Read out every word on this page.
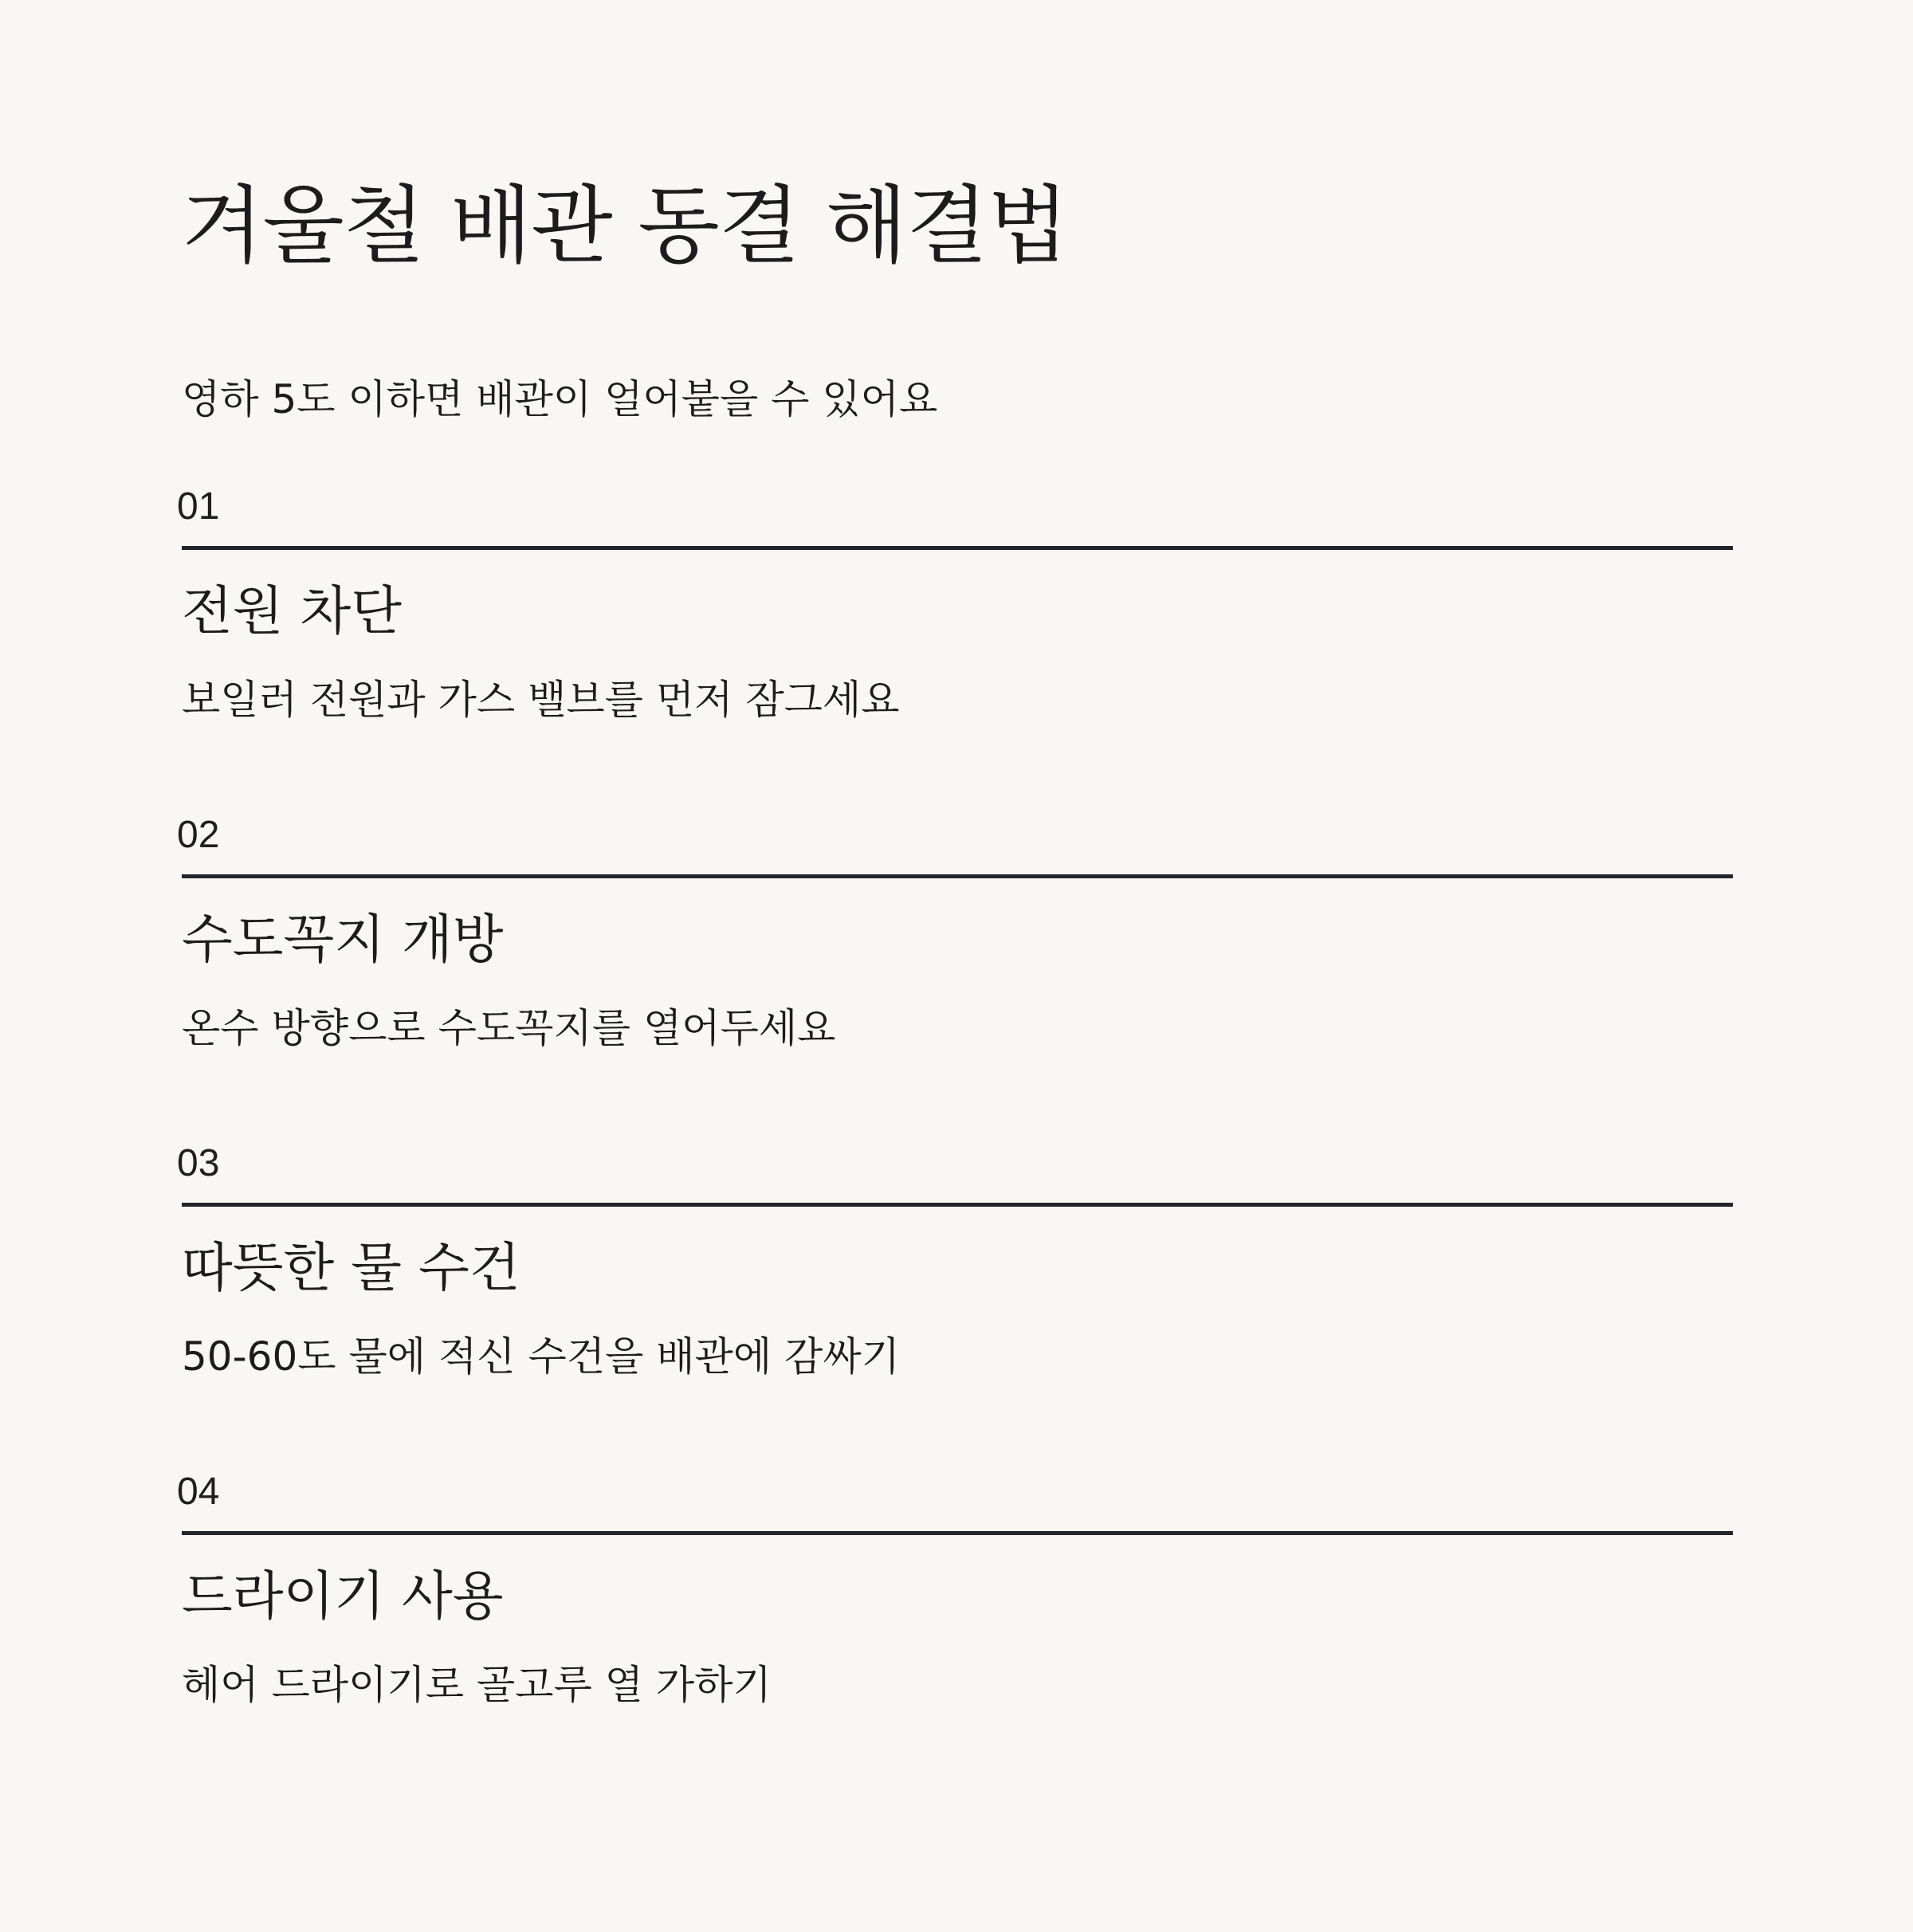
겨울철 배관 동결 해결법

영하 5도 이하면 배관이 얼어붙을 수 있어요

01
전원 차단

보일러 전원과 가스 밸브를 먼저 잠그세요

02
수도꼭지 개방

온수 방향으로 수도꼭지를 열어두세요

03
따뜻한 물 수건

50-60도 물에 적신 수건을 배관에 감싸기

04
드라이기 사용

헤어 드라이기로 골고루 열 가하기
